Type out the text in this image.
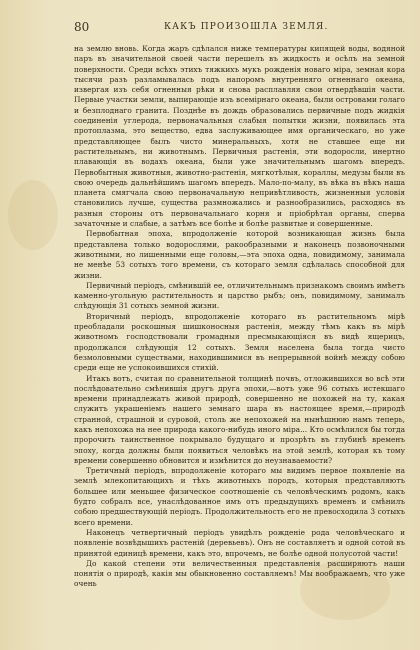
80	КАКЪ ПРОИЗОШЛА ЗЕМЛЯ.

на землю вновь. Когда жаръ сдѣлался ниже температуры кипящей воды, водяной паръ въ значительной своей части перешелъ въ жидкость и осѣлъ на земной поверхности. Среди всѣхъ этихъ тяжкихъ мукъ рожденія новаго міра, земная кора тысячи разъ разламывалась подъ напоромъ внутренняго огненнаго океана, извергая изъ себя огненныя рѣки и снова расплавляя свои отвердѣвшія части. Первые участки земли, выпирающіе изъ всемірнаго океана, были островами голаго и безплоднаго гранита. Позднѣе въ дождь образовались первичные подъ жидкія соединенія углерода, первоначальныя слабыя попытки жизни, появилась эта протоплазма, это вещество, едва заслуживающее имя органическаго, но уже представляющее былъ чисто минеральныхъ, хотя не ставшее еще ни растительнымъ, ни животнымъ. Первичныя растенія, эти водоросли, инертно плавающія въ водахъ океана, были уже значительнымъ шагомъ впередъ. Первобытныя животныя, животно-растенія, мягкотѣлыя, кораллы, медузы были въ свою очередь дальнѣйшимъ шагомъ впередъ. Мало-по-малу, въ вѣка въ вѣкъ наша планета смягчала свою первоначальную непривѣтливость, жизненныя условія становились лучше, существа размножались и разнообразились, расходясь въ разныя стороны отъ первоначальнаго корня и пріобрѣтая органы, сперва зачаточные и слабые, а затѣмъ все болѣе и болѣе развитые и совершенные.

Первобытная эпоха, впродолженіе которой возникающая жизнь была представлена только водорослями, ракообразными и наконецъ позвоночными животными, но лишенными еще головы,—эта эпоха одна, повидимому, занимала не менѣе 53 сотыхъ того времени, съ котораго земля сдѣлалась способной для жизни.

Первичный періодъ, смѣнившій ее, отличительнымъ признакомъ своимъ имѣетъ каменно-угольную растительность и царство рыбъ; онъ, повидимому, занималъ слѣдующія 31 сотыхъ земной жизни.

Вторичный періодъ, впродолженіе котораго въ растительномъ мірѣ преобладали роскошныя шишконосныя растенія, между тѣмъ какъ въ мірѣ животномъ господствовали громадныя пресмыкающіяся въ видѣ ящерицъ, продолжался слѣдующія 12 сотыхъ. Земля населена была тогда чисто безмоловными существами, находившимися въ непрерывной войнѣ между собою среди еще не успокоившихся стихій.

Итакъ вотъ, считая по сравнительной толщинѣ почвъ, отложившихся во всѣ эти послѣдовательно смѣнившія другъ друга эпохи,—вотъ уже 96 сотыхъ истекшаго времени принадлежатъ живой природѣ, совершенно не похожей на ту, какая служитъ украшеніемъ нашего земнаго шара въ настоящее время,—природѣ странной, страшной и суровой, столь же непохожей на нынѣшнюю намъ теперь, какъ непохожа на нее природа какого-нибудь иного міра... Кто осмѣлился бы тогда пророчить таинственное покрывало будущаго и прозрѣть въ глубинѣ временъ эпоху, когда должны были появиться человѣкъ на этой землѣ, которая къ тому времени совершенно обновится и измѣнится до неузнаваемости?

Третичный періодъ, впродолженіе котораго мы видимъ первое появленіе на землѣ млекопитающихъ и тѣхъ животныхъ породъ, которыя представляютъ большее или меньшее физическое соотношеніе съ человѣческимъ родомъ, какъ будто собралъ все, унаслѣдованное имъ отъ предыдущихъ временъ и смѣнилъ собою предшествующій періодъ. Продолжительность его не превосходила 3 сотыхъ всего времени.

Наконецъ четвертичный періодъ увидѣлъ рожденіе рода человѣческаго и появленіе возвѣдышихъ растеній (деревьевъ). Онъ не составляетъ и одной сотой въ принятой единицѣ времени, какъ это, впрочемъ, не болѣе одной полусотой части!

До какой степени эти величественныя представленія расширяютъ наши понятія о природѣ, какія мы обыкновенно составляемъ! Мы воображаемъ, что уже очень
